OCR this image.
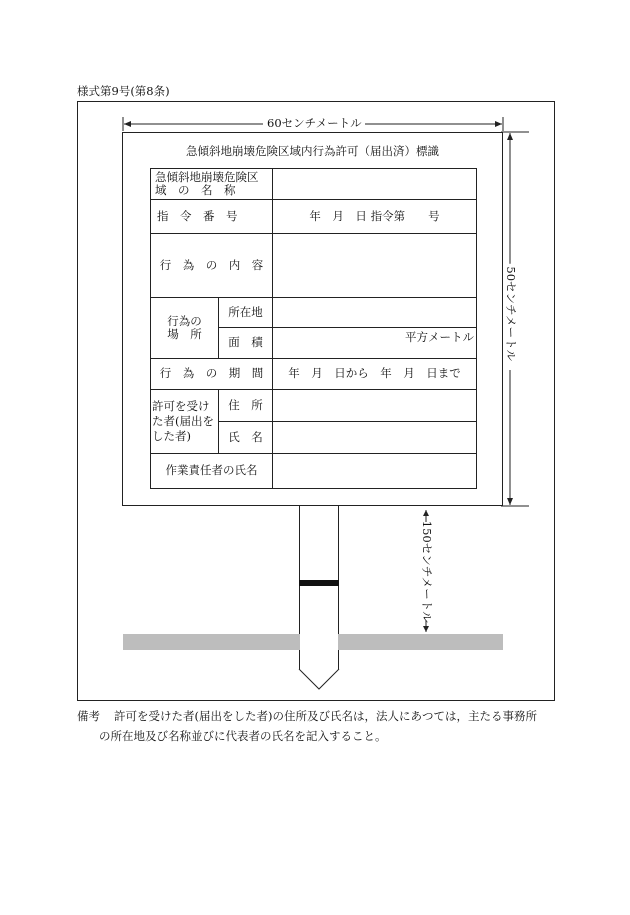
様式第9号(第8条)
急傾斜地崩壊危険区域内行為許可（届出済）標識
急傾斜地崩壊危険区
域　の　名　称		

指　令　番　号		年　月　日 指令第　　号
行　為　の　内　容		

行為の
場　所	所在地	
	面　積	平方メートル

行　為　の　期　間		年　月　日から　年　月　日まで

許可を受け
た者(届出を
した者)	住　所	
	氏　名	
作業責任者の氏名		
60センチメートル
50センチメートル
150センチメートル
備考 許可を受けた者(届出をした者)の住所及び氏名は，法人にあつては，主たる事務所
の所在地及び名称並びに代表者の氏名を記入すること。
